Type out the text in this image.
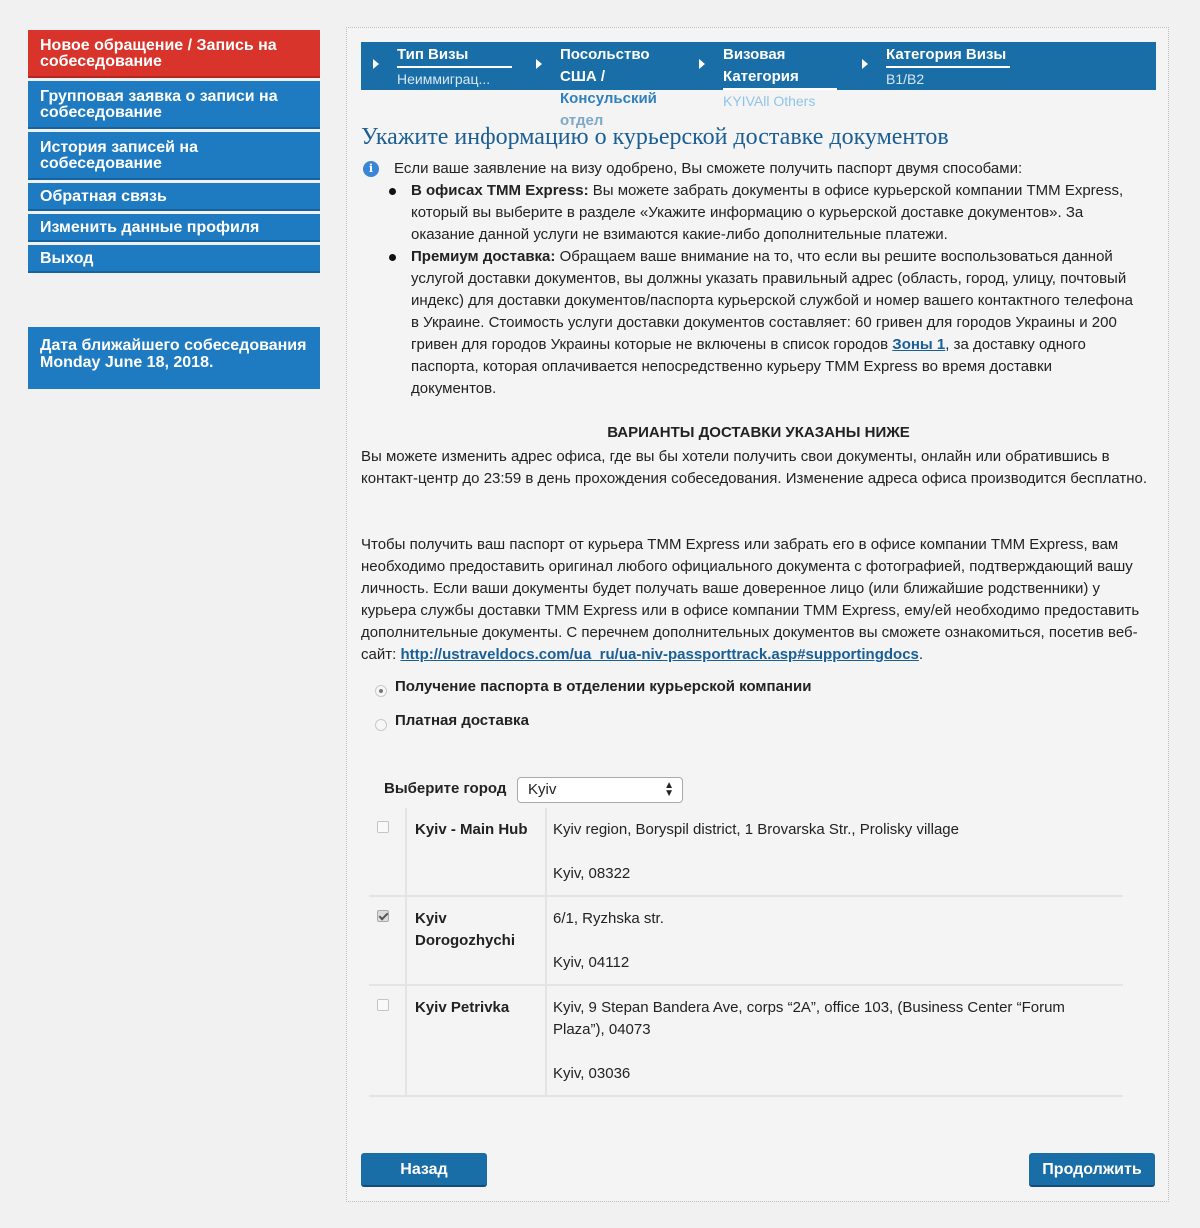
Новое обращение / Запись на собеседование
Групповая заявка о записи на собеседование
История записей на собеседование
Обратная связь
Изменить данные профиля
Выход
Дата ближайшего собеседования Monday June 18, 2018.
Тип Визы
Неиммиграц...
Посольство США /
Консульский
отдел
Визовая Категория
KYIVAll Others
Категория Визы
B1/B2
Укажите информацию о курьерской доставке документов
i	Если ваше заявление на визу одобрено, Вы сможете получить паспорт двумя способами:
В офисах TMM Express: Вы можете забрать документы в офисе курьерской компании TMM Express, который вы выберите в разделе «Укажите информацию о курьерской доставке документов». За оказание данной услуги не взимаются какие-либо дополнительные платежи.
Премиум доставка: Обращаем ваше внимание на то, что если вы решите воспользоваться данной услугой доставки документов, вы должны указать правильный адрес (область, город, улицу, почтовый индекс) для доставки документов/паспорта курьерской службой и номер вашего контактного телефона в Украине. Стоимость услуги доставки документов составляет: 60 гривен для городов Украины и 200 гривен для городов Украины которые не включены в список городов Зоны 1, за доставку одного паспорта, которая оплачивается непосредственно курьеру TMM Express во время доставки документов.
ВАРИАНТЫ ДОСТАВКИ УКАЗАНЫ НИЖЕ
Вы можете изменить адрес офиса, где вы бы хотели получить свои документы, онлайн или обратившись в контакт-центр до 23:59 в день прохождения собеседования. Изменение адреса офиса производится бесплатно.
Чтобы получить ваш паспорт от курьера TMM Express или забрать его в офисе компании TMM Express, вам необходимо предоставить оригинал любого официального документа с фотографией, подтверждающий вашу личность. Если ваши документы будет получать ваше доверенное лицо (или ближайшие родственники) у курьера службы доставки TMM Express или в офисе компании TMM Express, ему/ей необходимо предоставить дополнительные документы. С перечнем дополнительных документов вы сможете ознакомиться, посетив веб-сайт: http://ustraveldocs.com/ua_ru/ua-niv-passporttrack.asp#supportingdocs.
Получение паспорта в отделении курьерской компании
Платная доставка
Выберите город	Kyiv	▲
▼
	Kyiv - Main Hub	Kyiv region, Boryspil district, 1 Brovarska Str., Prolisky village
Kyiv, 08322

	Kyiv Dorogozhychi	6/1, Ryzhska str.
Kyiv, 04112

	Kyiv Petrivka	Kyiv, 9 Stepan Bandera Ave, corps “2A”, office 103, (Business Center “Forum Plaza”), 04073
Kyiv, 03036
Назад	Продолжить
